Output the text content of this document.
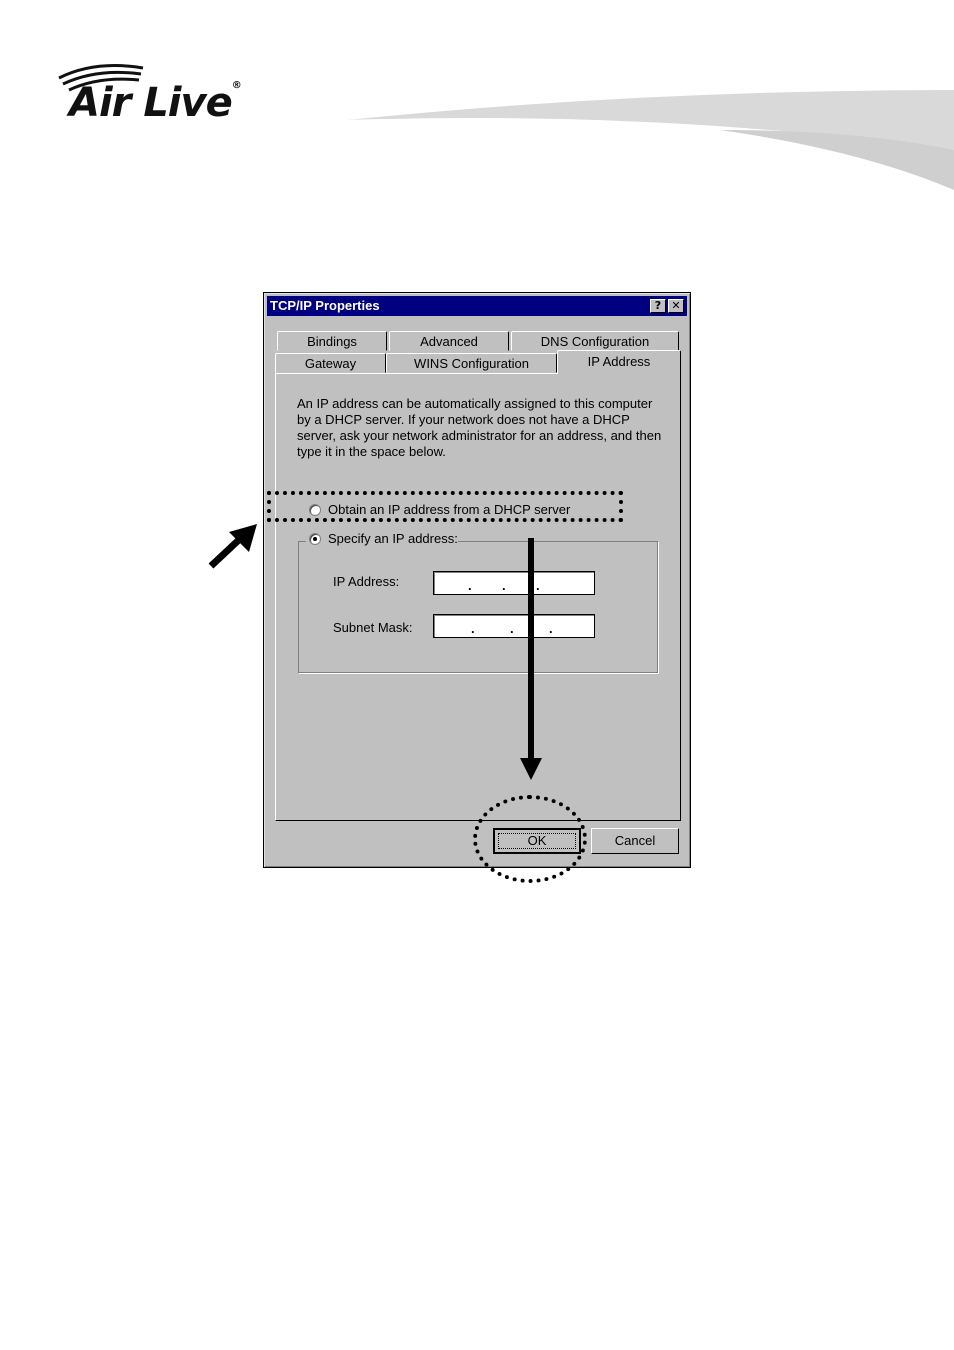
Air Live®
TCP/IP Properties	? ✕
Bindings	Advanced	DNS Configuration
Gateway	WINS Configuration	IP Address
An IP address can be automatically assigned to this computer by a DHCP server. If your network does not have a DHCP server, ask your network administrator for an address, and then type it in the space below.
Obtain an IP address from a DHCP server
Specify an IP address:
IP Address:	. . .
Subnet Mask:	.	.	.
OK	Cancel
